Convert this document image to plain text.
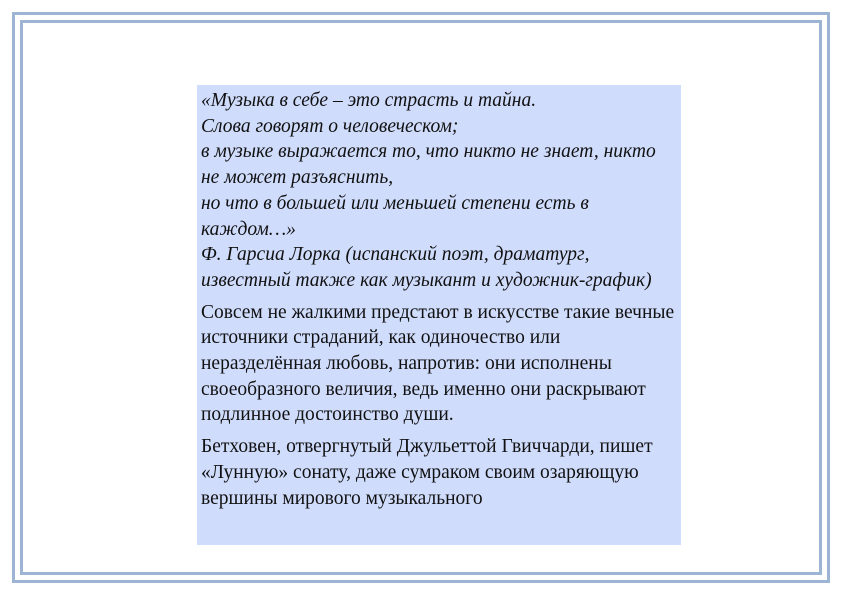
«Музыка в себе – это страсть и тайна.

Слова говорят о человеческом;

в музыке выражается то, что никто не знает, никто не может разъяснить,

но что в большей или меньшей степени есть в каждом…»

Ф. Гарсиа Лорка (испанский поэт, драматург, известный также как музыкант и художник-график)

Совсем не жалкими предстают в искусстве такие вечные источники страданий, как одиночество или неразделённая любовь, напротив: они исполнены своеобразного величия, ведь именно они раскрывают подлинное достоинство души.

Бетховен, отвергнутый Джульеттой Гвиччарди, пишет «Лунную» сонату, даже сумраком своим озаряющую вершины мирового музыкального
